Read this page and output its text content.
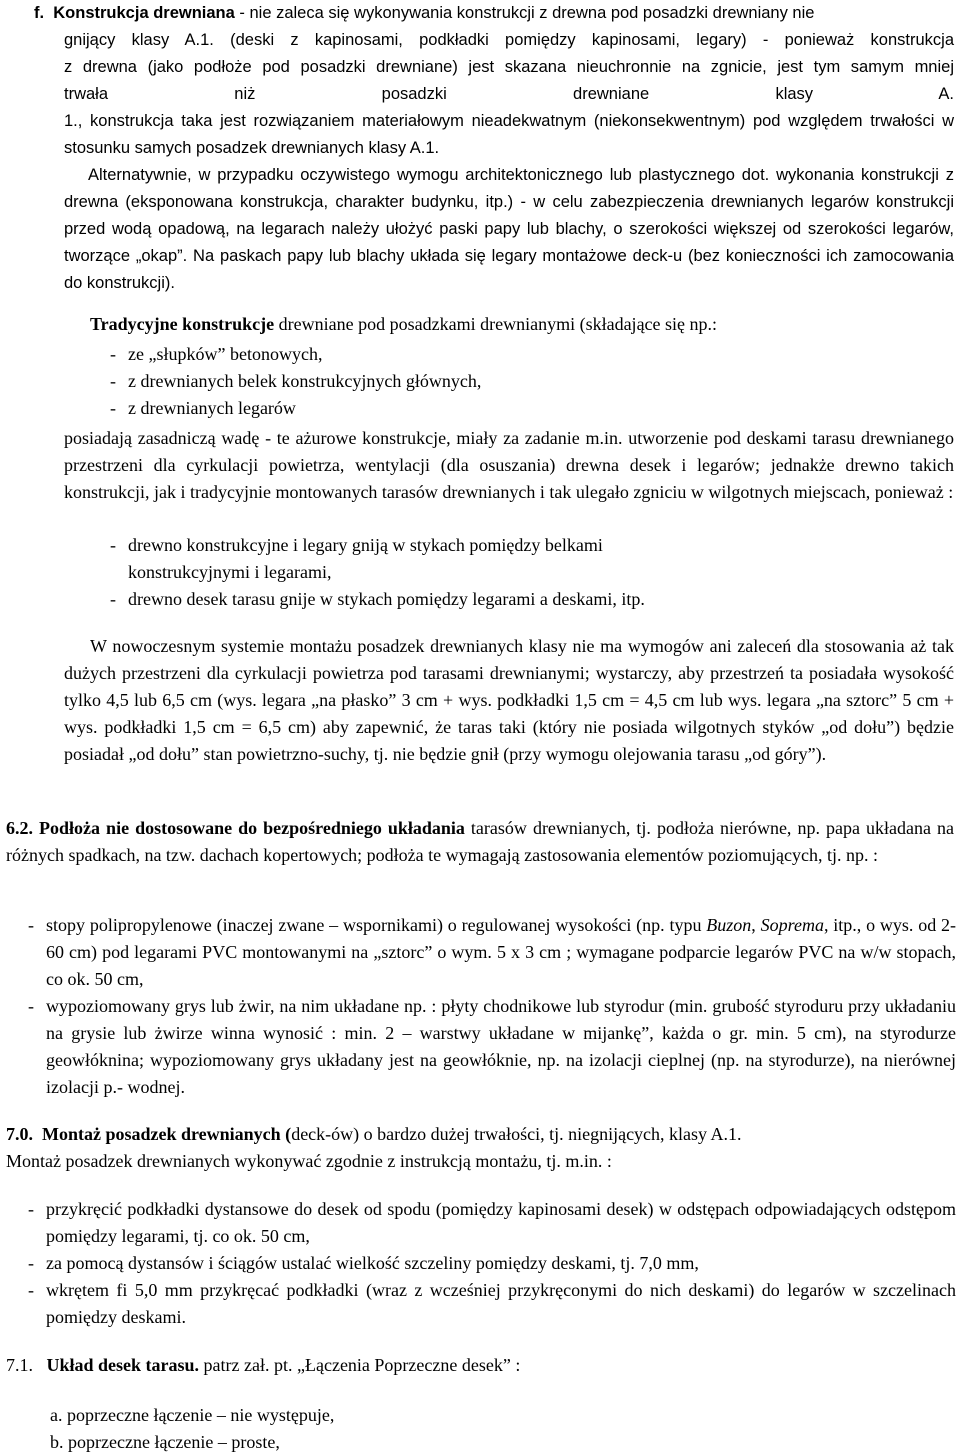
f. Konstrukcja drewniana - nie zaleca się wykonywania konstrukcji z drewna pod posadzki drewniany nie
gnijący klasy A.1. (deski z kapinosami, podkładki pomiędzy kapinosami, legary) - ponieważ konstrukcja
z drewna (jako podłoże pod posadzki drewniane) jest skazana nieuchronnie na zgnicie, jest tym samym mniej
trwała niż posadzki drewniane klasy A.
1., konstrukcja taka jest rozwiązaniem materiałowym nieadekwatnym (niekonsekwentnym) pod względem trwałości w stosunku samych posadzek drewnianych klasy A.1.
Alternatywnie, w przypadku oczywistego wymogu architektonicznego lub plastycznego dot. wykonania konstrukcji z drewna (eksponowana konstrukcja, charakter budynku, itp.) - w celu zabezpieczenia drewnianych legarów konstrukcji przed wodą opadową, na legarach należy ułożyć paski papy lub blachy, o szerokości większej od szerokości legarów, tworzące „okap”. Na paskach papy lub blachy układa się legary montażowe deck-u (bez konieczności ich zamocowania do konstrukcji).
Tradycyjne konstrukcje drewniane pod posadzkami drewnianymi (składające się np.:
- ze „słupków” betonowych,
- z drewnianych belek konstrukcyjnych głównych,
- z drewnianych legarów
posiadają zasadniczą wadę - te ażurowe konstrukcje, miały za zadanie m.in. utworzenie pod deskami tarasu drewnianego przestrzeni dla cyrkulacji powietrza, wentylacji (dla osuszania) drewna desek i legarów; jednakże drewno takich konstrukcji, jak i tradycyjnie montowanych tarasów drewnianych i tak ulegało zgniciu w wilgotnych miejscach, ponieważ :
- drewno konstrukcyjne i legary gniją w stykach pomiędzy belkami konstrukcyjnymi i legarami,
- drewno desek tarasu gnije w stykach pomiędzy legarami a deskami, itp.
W nowoczesnym systemie montażu posadzek drewnianych klasy nie ma wymogów ani zaleceń dla stosowania aż tak dużych przestrzeni dla cyrkulacji powietrza pod tarasami drewnianymi; wystarczy, aby przestrzeń ta posiadała wysokość tylko 4,5 lub 6,5 cm (wys. legara „na płasko” 3 cm + wys. podkładki 1,5 cm = 4,5 cm lub wys. legara „na sztorc” 5 cm + wys. podkładki 1,5 cm = 6,5 cm) aby zapewnić, że taras taki (który nie posiada wilgotnych styków „od dołu”) będzie posiadał „od dołu” stan powietrzno-suchy, tj. nie będzie gnił (przy wymogu olejowania tarasu „od góry”).
6.2. Podłoża nie dostosowane do bezpośredniego układania tarasów drewnianych, tj. podłoża nierówne, np. papa układana na różnych spadkach, na tzw. dachach kopertowych; podłoża te wymagają zastosowania elementów poziomujących, tj. np. :
- stopy polipropylenowe (inaczej zwane – wspornikami) o regulowanej wysokości (np. typu Buzon, Soprema, itp., o wys. od 2-60 cm) pod legarami PVC montowanymi na „sztorc” o wym. 5 x 3 cm ; wymagane podparcie legarów PVC na w/w stopach, co ok. 50 cm,
- wypoziomowany grys lub żwir, na nim układane np. : płyty chodnikowe lub styrodur (min. grubość styroduru przy układaniu na grysie lub żwirze winna wynosić : min. 2 – warstwy układane w mijankę”, każda o gr. min. 5 cm), na styrodurze geowłóknina; wypoziomowany grys układany jest na geowłóknie, np. na izolacji cieplnej (np. na styrodurze), na nierównej izolacji p.- wodnej.
7.0. Montaż posadzek drewnianych (deck-ów) o bardzo dużej trwałości, tj. niegnijących, klasy A.1.
Montaż posadzek drewnianych wykonywać zgodnie z instrukcją montażu, tj. m.in. :
- przykręcić podkładki dystansowe do desek od spodu (pomiędzy kapinosami desek) w odstępach odpowiadających odstępom pomiędzy legarami, tj. co ok. 50 cm,
- za pomocą dystansów i ściągów ustalać wielkość szczeliny pomiędzy deskami, tj. 7,0 mm,
- wkrętem fi 5,0 mm przykręcać podkładki (wraz z wcześniej przykręconymi do nich deskami) do legarów w szczelinach pomiędzy deskami.
7.1. Układ desek tarasu. patrz zał. pt. „Łączenia Poprzeczne desek” :
a. poprzeczne łączenie – nie występuje,
b. poprzeczne łączenie – proste,
